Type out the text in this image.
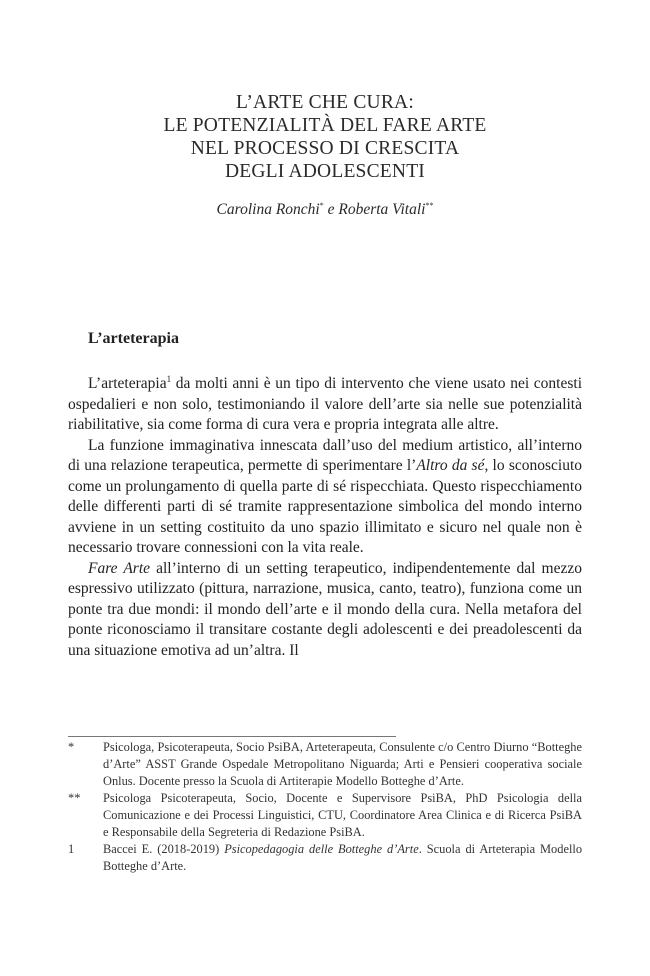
L’ARTE CHE CURA:
LE POTENZIALITÀ DEL FARE ARTE
NEL PROCESSO DI CRESCITA
DEGLI ADOLESCENTI
Carolina Ronchi* e Roberta Vitali**
L’arteterapia

L’arteterapia$^1$ da molti anni è un tipo di intervento che viene usato nei contesti ospedalieri e non solo, testimoniando il valore dell’arte sia nelle sue potenzialità riabilitative, sia come forma di cura vera e propria integrata alle altre.

La funzione immaginativa innescata dall’uso del medium artistico, all’interno di una relazione terapeutica, permette di sperimentare l’Altro da sé, lo sconosciuto come un prolungamento di quella parte di sé rispecchiata. Questo rispecchiamento delle differenti parti di sé tramite rappresentazione simbolica del mondo interno avviene in un setting costituito da uno spazio illimitato e sicuro nel quale non è necessario trovare connessioni con la vita reale.

Fare Arte all’interno di un setting terapeutico, indipendentemente dal mezzo espressivo utilizzato (pittura, narrazione, musica, canto, teatro), funziona come un ponte tra due mondi: il mondo dell’arte e il mondo della cura. Nella metafora del ponte riconosciamo il transitare costante degli adolescenti e dei preadolescenti da una situazione emotiva ad un’altra. Il

*	Psicologa, Psicoterapeuta, Socio PsiBA, Arteterapeuta, Consulente c/o Centro Diurno “Botteghe d’Arte” ASST Grande Ospedale Metropolitano Niguarda; Arti e Pensieri cooperativa sociale Onlus. Docente presso la Scuola di Artiterapie Modello Botteghe d’Arte.
**	Psicologa Psicoterapeuta, Socio, Docente e Supervisore PsiBA, PhD Psicologia della Comunicazione e dei Processi Linguistici, CTU, Coordinatore Area Clinica e di Ricerca PsiBA e Responsabile della Segreteria di Redazione PsiBA.
1	Baccei E. (2018-2019) Psicopedagogia delle Botteghe d’Arte. Scuola di Arteterapia Modello Botteghe d’Arte.
